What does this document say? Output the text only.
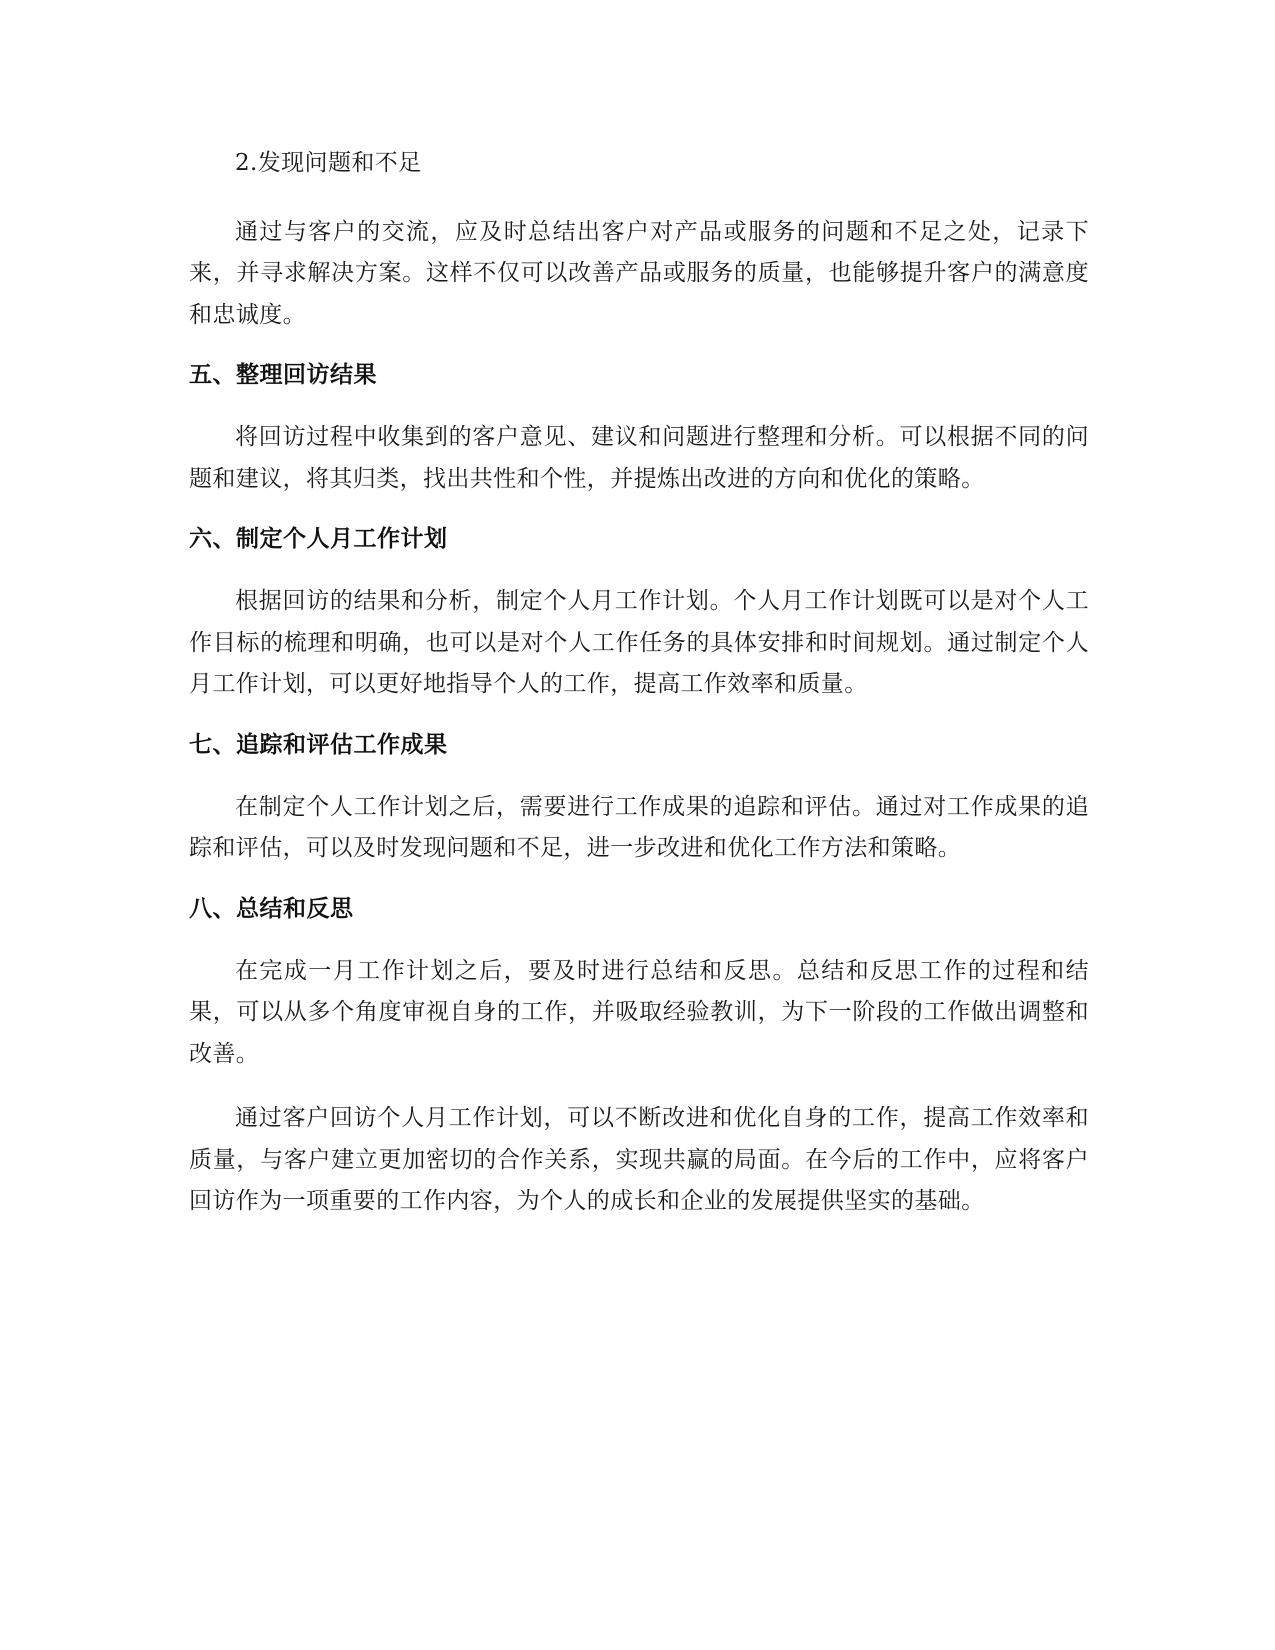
2.发现问题和不足

通过与客户的交流，应及时总结出客户对产品或服务的问题和不足之处，记录下来，并寻求解决方案。这样不仅可以改善产品或服务的质量，也能够提升客户的满意度和忠诚度。

五、整理回访结果

将回访过程中收集到的客户意见、建议和问题进行整理和分析。可以根据不同的问题和建议，将其归类，找出共性和个性，并提炼出改进的方向和优化的策略。

六、制定个人月工作计划

根据回访的结果和分析，制定个人月工作计划。个人月工作计划既可以是对个人工作目标的梳理和明确，也可以是对个人工作任务的具体安排和时间规划。通过制定个人月工作计划，可以更好地指导个人的工作，提高工作效率和质量。

七、追踪和评估工作成果

在制定个人工作计划之后，需要进行工作成果的追踪和评估。通过对工作成果的追踪和评估，可以及时发现问题和不足，进一步改进和优化工作方法和策略。

八、总结和反思

在完成一月工作计划之后，要及时进行总结和反思。总结和反思工作的过程和结果，可以从多个角度审视自身的工作，并吸取经验教训，为下一阶段的工作做出调整和改善。

通过客户回访个人月工作计划，可以不断改进和优化自身的工作，提高工作效率和质量，与客户建立更加密切的合作关系，实现共赢的局面。在今后的工作中，应将客户回访作为一项重要的工作内容，为个人的成长和企业的发展提供坚实的基础。
